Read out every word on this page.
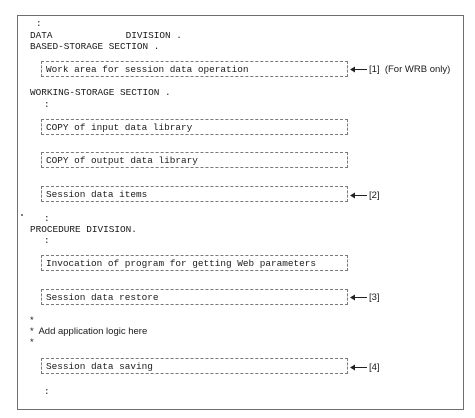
:
DATA             DIVISION .
BASED-STORAGE SECTION .
Work area for session data operation	[1]  (For WRB only)
WORKING-STORAGE SECTION .
:
COPY of input data library
COPY of output data library
Session data items	[2]
:
PROCEDURE DIVISION.
:
Invocation of program for getting Web parameters
Session data restore	[3]
*
*  Add application logic here
*
Session data saving	[4]
:
